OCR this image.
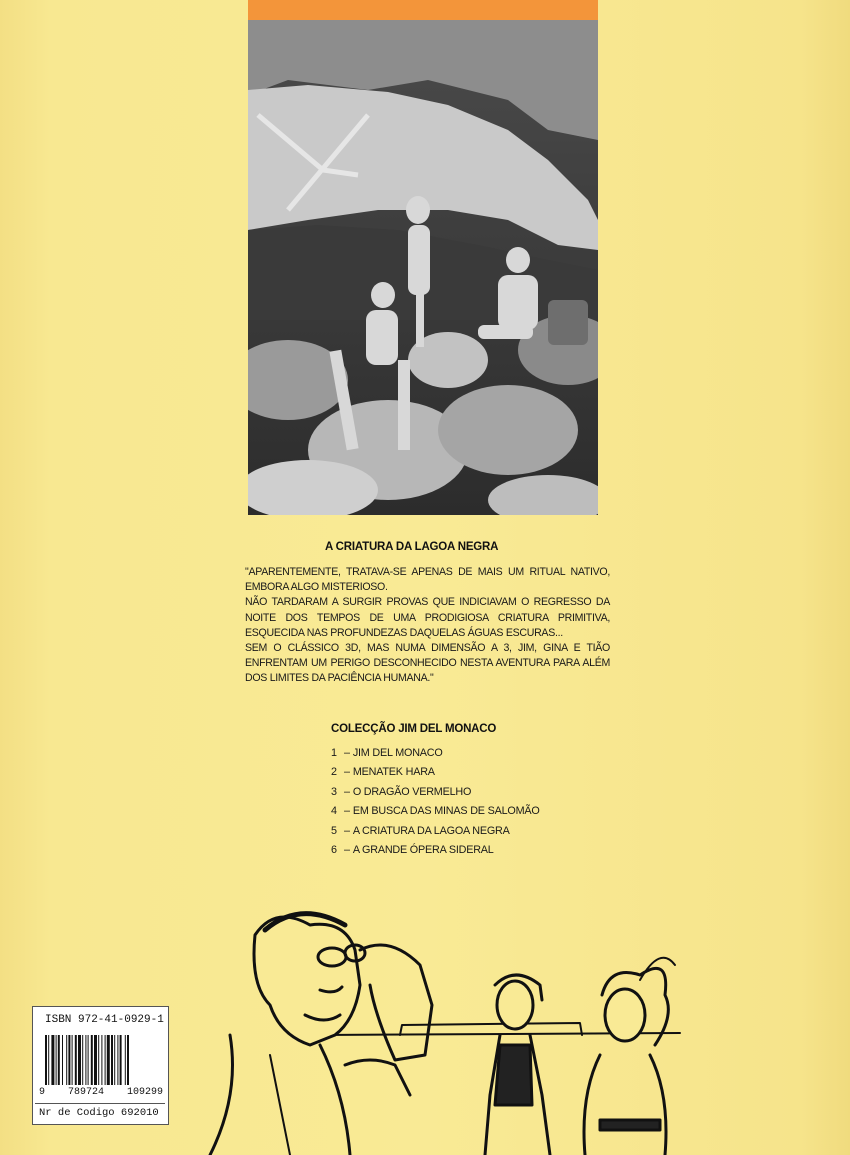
A CRIATURA DA LAGOA NEGRA

"APARENTEMENTE, TRATAVA-SE APENAS DE MAIS UM RITUAL NATIVO, EMBORA ALGO MISTERIOSO.

NÃO TARDARAM A SURGIR PROVAS QUE INDICIAVAM O REGRESSO DA NOITE DOS TEMPOS DE UMA PRODIGIOSA CRIATURA PRIMITIVA, ESQUECIDA NAS PROFUNDEZAS DAQUELAS ÁGUAS ESCURAS...

SEM O CLÁSSICO 3D, MAS NUMA DIMENSÃO A 3, JIM, GINA E TIÃO ENFRENTAM UM PERIGO DESCONHECIDO NESTA AVENTURA PARA ALÉM DOS LIMITES DA PACIÊNCIA HUMANA."

COLECÇÃO JIM DEL MONACO
1 – JIM DEL MONACO
2 – MENATEK HARA
3 – O DRAGÃO VERMELHO
4 – EM BUSCA DAS MINAS DE SALOMÃO
5 – A CRIATURA DA LAGOA NEGRA
6 – A GRANDE ÓPERA SIDERAL
ISBN 972-41-0929-1
9 789724 109299
Nr de Codigo 692010
